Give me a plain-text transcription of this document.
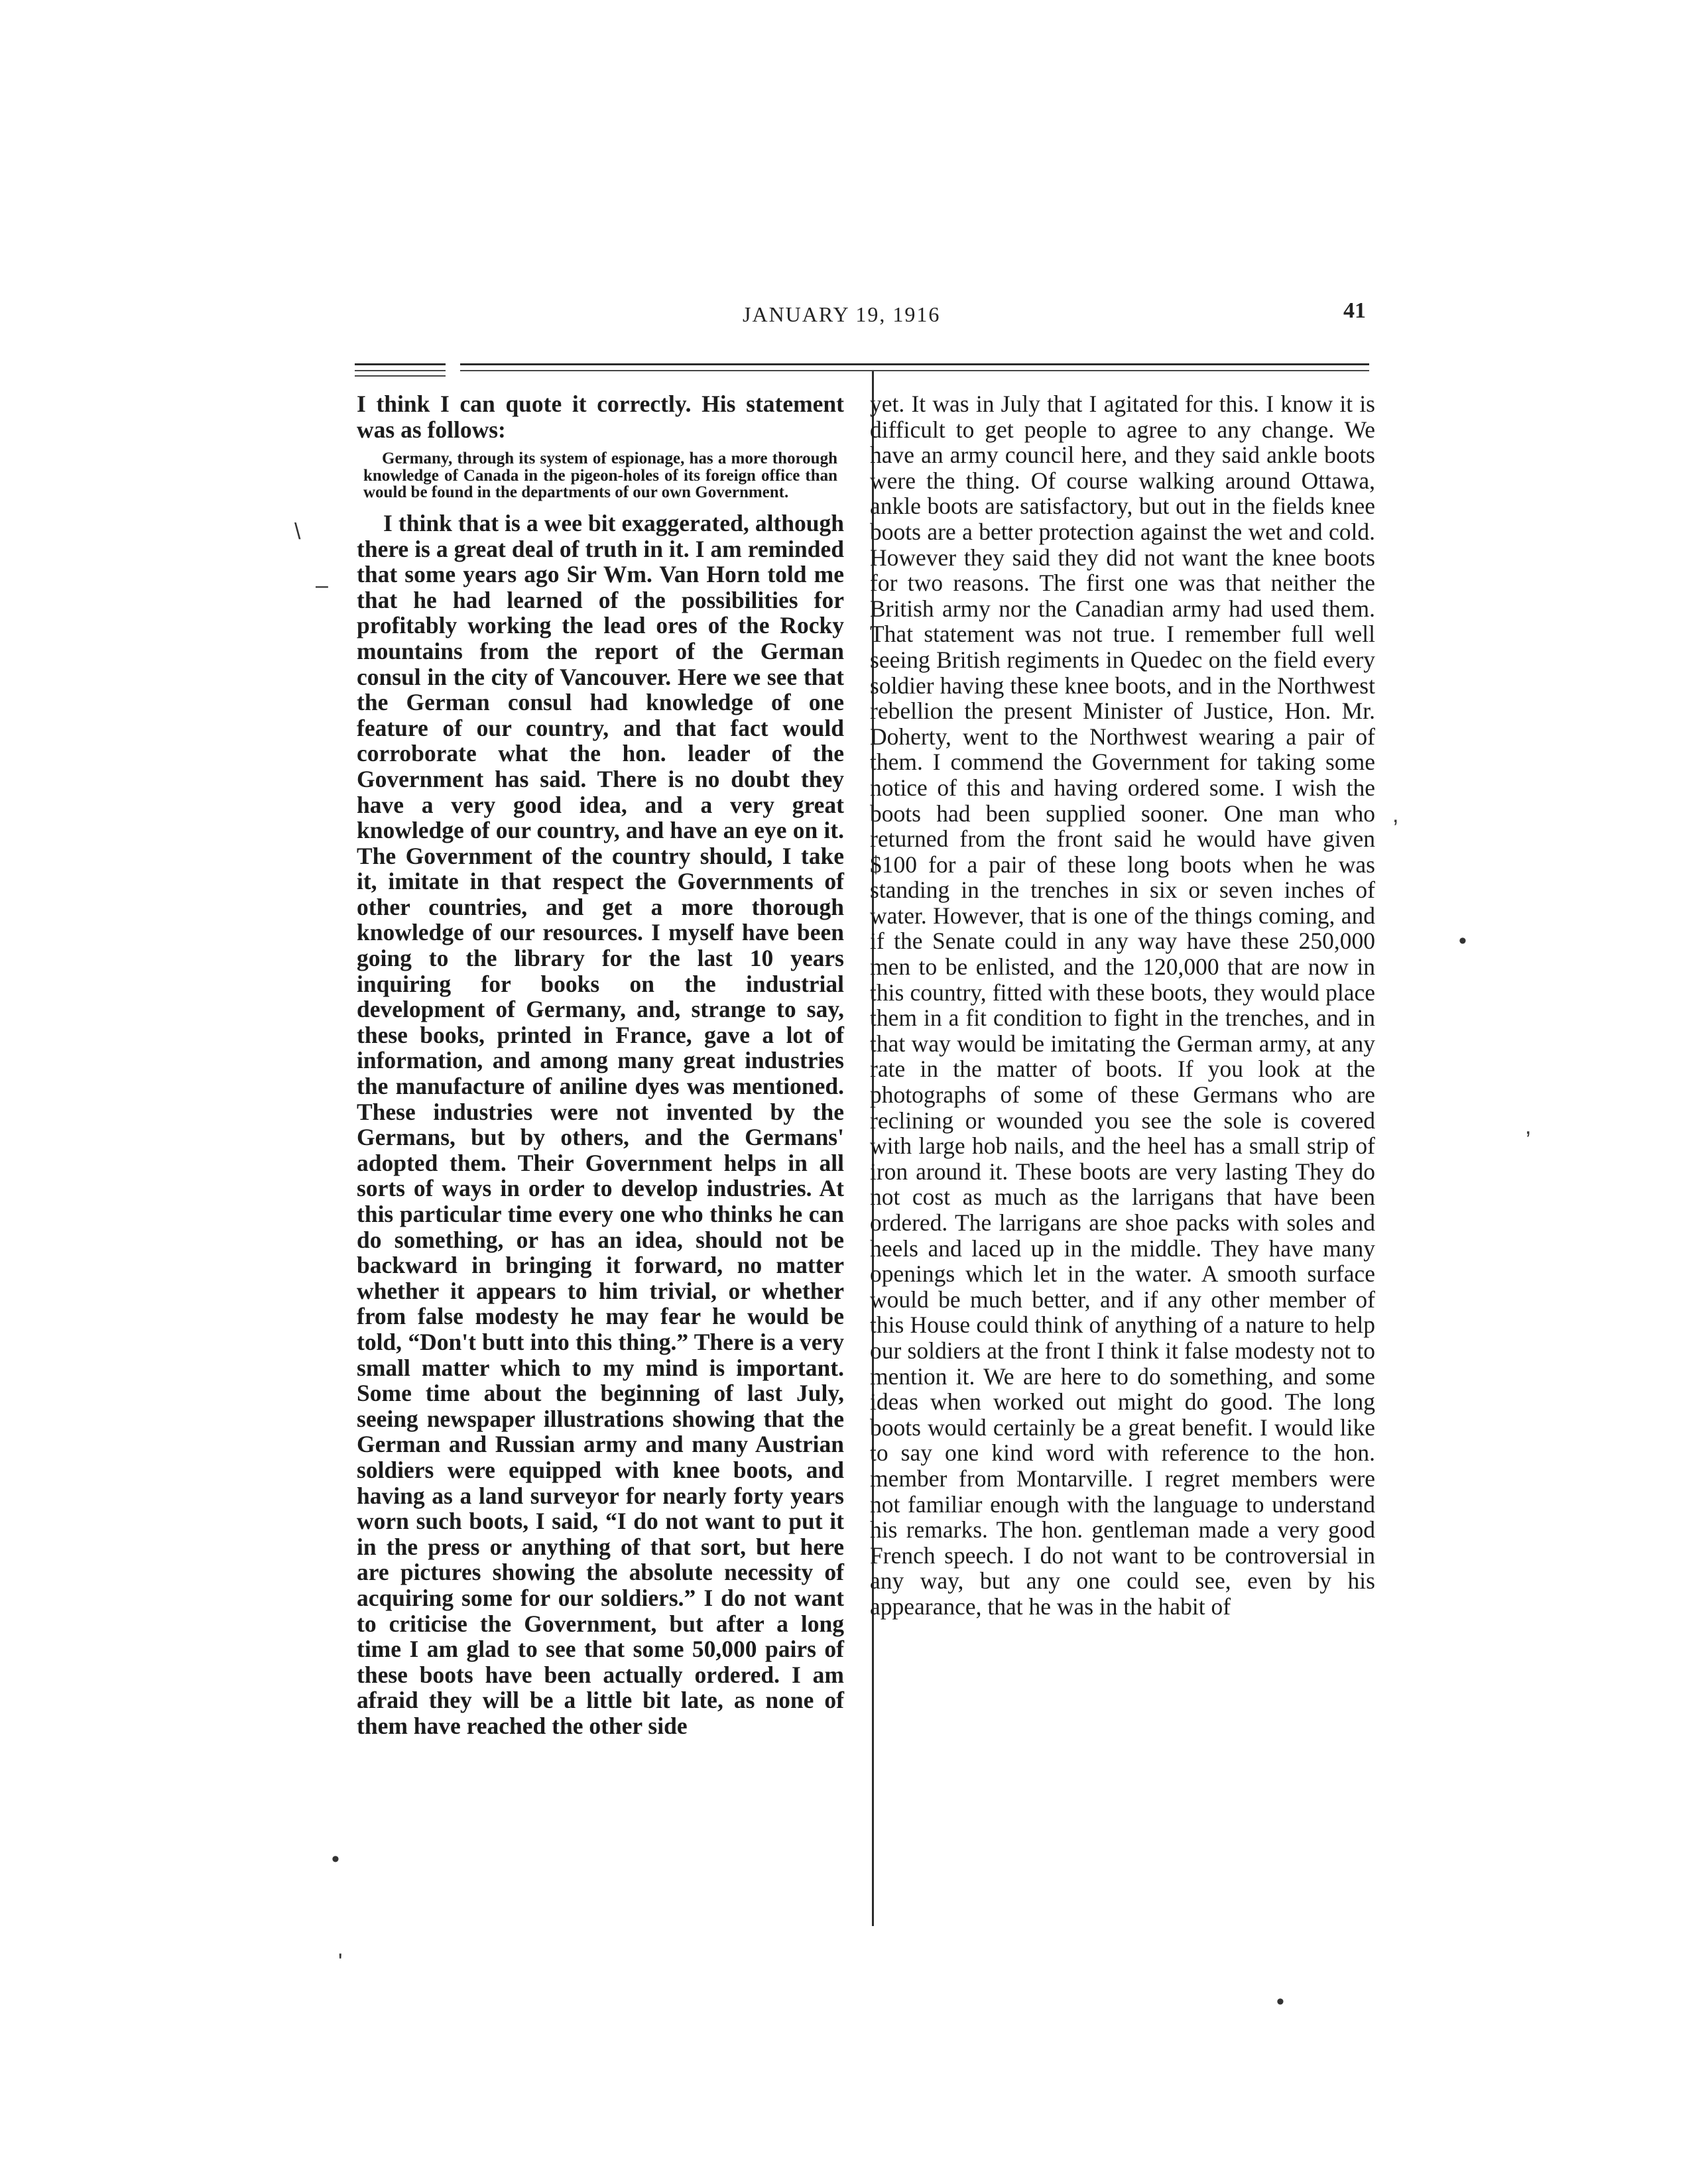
JANUARY 19, 1916	41

I think I can quote it correctly. His statement was as follows:

Germany, through its system of espionage, has a more thorough knowledge of Canada in the pigeon-holes of its foreign office than would be found in the departments of our own Government.

I think that is a wee bit exaggerated, although there is a great deal of truth in it. I am reminded that some years ago Sir Wm. Van Horn told me that he had learned of the possibilities for profitably working the lead ores of the Rocky mountains from the report of the German consul in the city of Vancouver. Here we see that the German consul had knowledge of one feature of our country, and that fact would corroborate what the hon. leader of the Government has said. There is no doubt they have a very good idea, and a very great knowledge of our country, and have an eye on it. The Government of the country should, I take it, imitate in that respect the Governments of other countries, and get a more thorough knowledge of our resources. I myself have been going to the library for the last 10 years inquiring for books on the industrial development of Germany, and, strange to say, these books, printed in France, gave a lot of information, and among many great industries the manufacture of aniline dyes was mentioned. These industries were not invented by the Germans, but by others, and the Germans' adopted them. Their Government helps in all sorts of ways in order to develop industries. At this particular time every one who thinks he can do something, or has an idea, should not be backward in bringing it forward, no matter whether it appears to him trivial, or whether from false modesty he may fear he would be told, “Don't butt into this thing.” There is a very small matter which to my mind is important. Some time about the beginning of last July, seeing newspaper illustrations showing that the German and Russian army and many Austrian soldiers were equipped with knee boots, and having as a land surveyor for nearly forty years worn such boots, I said, “I do not want to put it in the press or anything of that sort, but here are pictures showing the absolute necessity of acquiring some for our soldiers.” I do not want to criticise the Government, but after a long time I am glad to see that some 50,000 pairs of these boots have been actually ordered. I am afraid they will be a little bit late, as none of them have reached the other side

yet. It was in July that I agitated for this. I know it is difficult to get people to agree to any change. We have an army council here, and they said ankle boots were the thing. Of course walking around Ottawa, ankle boots are satisfactory, but out in the fields knee boots are a better protection against the wet and cold. However they said they did not want the knee boots for two reasons. The first one was that neither the British army nor the Canadian army had used them. That statement was not true. I remember full well seeing British regiments in Quedec on the field every soldier having these knee boots, and in the Northwest rebellion the present Minister of Justice, Hon. Mr. Doherty, went to the Northwest wearing a pair of them. I commend the Government for taking some notice of this and having ordered some. I wish the boots had been supplied sooner. One man who returned from the front said he would have given $100 for a pair of these long boots when he was standing in the trenches in six or seven inches of water. However, that is one of the things coming, and if the Senate could in any way have these 250,000 men to be enlisted, and the 120,000 that are now in this country, fitted with these boots, they would place them in a fit condition to fight in the trenches, and in that way would be imitating the German army, at any rate in the matter of boots. If you look at the photographs of some of these Germans who are reclining or wounded you see the sole is covered with large hob nails, and the heel has a small strip of iron around it. These boots are very lasting They do not cost as much as the larrigans that have been ordered. The larrigans are shoe packs with soles and heels and laced up in the middle. They have many openings which let in the water. A smooth surface would be much better, and if any other member of this House could think of anything of a nature to help our soldiers at the front I think it false modesty not to mention it. We are here to do something, and some ideas when worked out might do good. The long boots would certainly be a great benefit. I would like to say one kind word with reference to the hon. member from Montarville. I regret members were not familiar enough with the language to understand his remarks. The hon. gentleman made a very good French speech. I do not want to be controversial in any way, but any one could see, even by his appearance, that he was in the habit of

–
\
,
•
,
•
'
•
